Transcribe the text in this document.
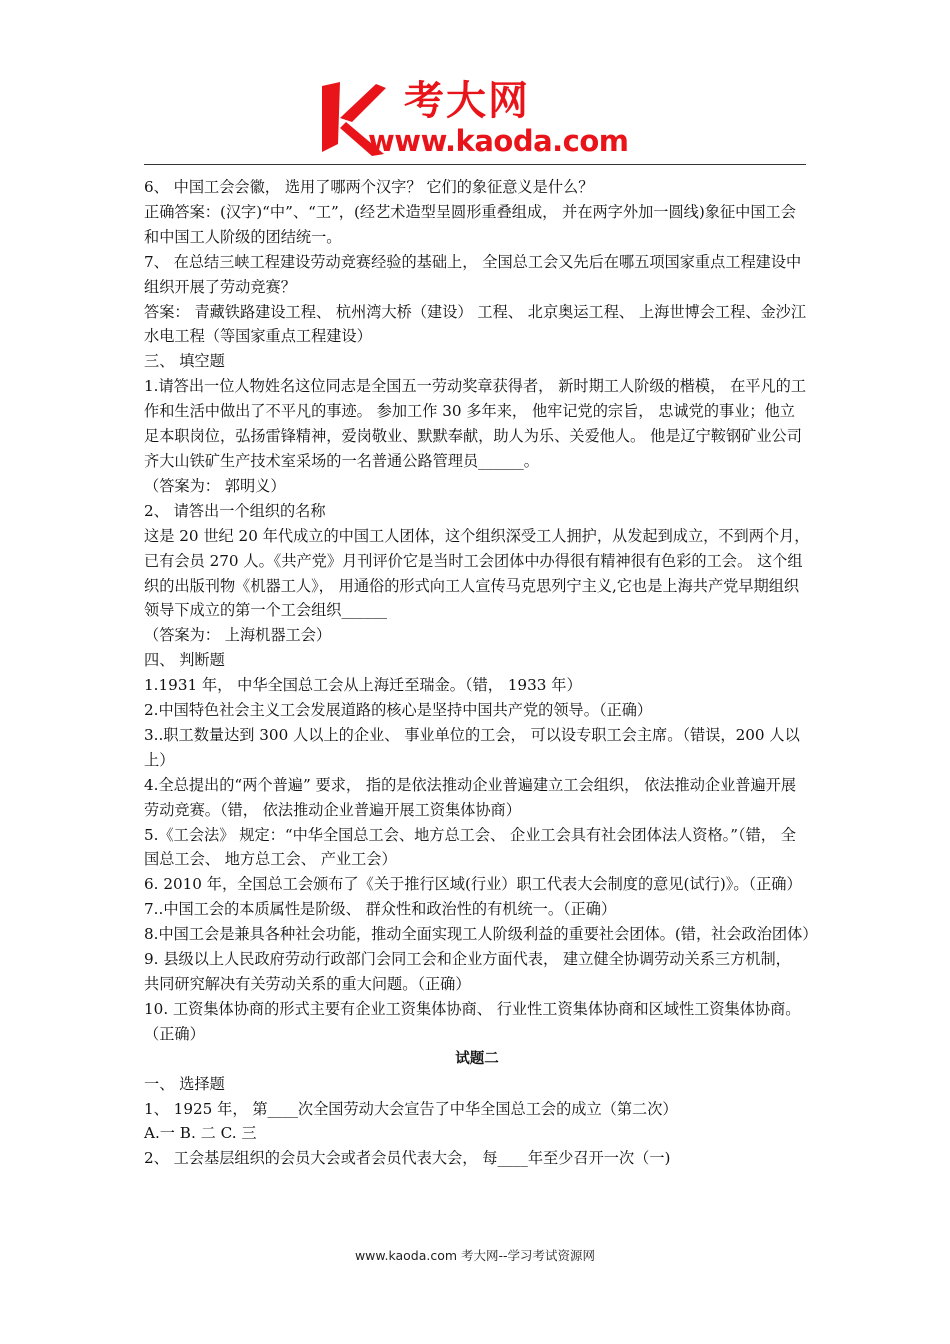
考大网
www.kaoda.com

6、 中国工会会徽， 选用了哪两个汉字？ 它们的象征意义是什么？

正确答案：(汉字)“中”、“工”，(经艺术造型呈圆形重叠组成， 并在两字外加一圆线)象征中国工会和中国工人阶级的团结统一。

7、 在总结三峡工程建设劳动竞赛经验的基础上， 全国总工会又先后在哪五项国家重点工程建设中组织开展了劳动竞赛？

答案： 青藏铁路建设工程、 杭州湾大桥（建设） 工程、 北京奥运工程、 上海世博会工程、金沙江水电工程（等国家重点工程建设）

三、 填空题

1.请答出一位人物姓名这位同志是全国五一劳动奖章获得者， 新时期工人阶级的楷模， 在平凡的工作和生活中做出了不平凡的事迹。 参加工作 30 多年来， 他牢记党的宗旨， 忠诚党的事业；他立足本职岗位，弘扬雷锋精神，爱岗敬业、默默奉献，助人为乐、关爱他人。 他是辽宁鞍钢矿业公司齐大山铁矿生产技术室采场的一名普通公路管理员______。

（答案为： 郭明义）

2、 请答出一个组织的名称

这是 20 世纪 20 年代成立的中国工人团体，这个组织深受工人拥护，从发起到成立，不到两个月，已有会员 270 人。《共产党》月刊评价它是当时工会团体中办得很有精神很有色彩的工会。 这个组织的出版刊物《机器工人》， 用通俗的形式向工人宣传马克思列宁主义,它也是上海共产党早期组织领导下成立的第一个工会组织______

（答案为： 上海机器工会）

四、 判断题

1.1931 年， 中华全国总工会从上海迁至瑞金。（错， 1933 年）

2.中国特色社会主义工会发展道路的核心是坚持中国共产党的领导。（正确）

3..职工数量达到 300 人以上的企业、 事业单位的工会， 可以设专职工会主席。（错误，200 人以上）

4.全总提出的“两个普遍” 要求， 指的是依法推动企业普遍建立工会组织， 依法推动企业普遍开展劳动竞赛。（错， 依法推动企业普遍开展工资集体协商）

5.《工会法》 规定：“中华全国总工会、地方总工会、 企业工会具有社会团体法人资格。”（错， 全国总工会、 地方总工会、 产业工会）

6. 2010 年，全国总工会颁布了《关于推行区域(行业）职工代表大会制度的意见(试行)》。（正确）

7..中国工会的本质属性是阶级、 群众性和政治性的有机统一。（正确）

8.中国工会是兼具各种社会功能，推动全面实现工人阶级利益的重要社会团体。(错，社会政治团体）

9. 县级以上人民政府劳动行政部门会同工会和企业方面代表， 建立健全协调劳动关系三方机制， 共同研究解决有关劳动关系的重大问题。（正确）

10. 工资集体协商的形式主要有企业工资集体协商、 行业性工资集体协商和区域性工资集体协商。（正确）

试题二

一、 选择题

1、 1925 年， 第____次全国劳动大会宣告了中华全国总工会的成立（第二次）

A.一 B. 二 C. 三

2、 工会基层组织的会员大会或者会员代表大会， 每____年至少召开一次（一)

www.kaoda.com 考大网--学习考试资源网
